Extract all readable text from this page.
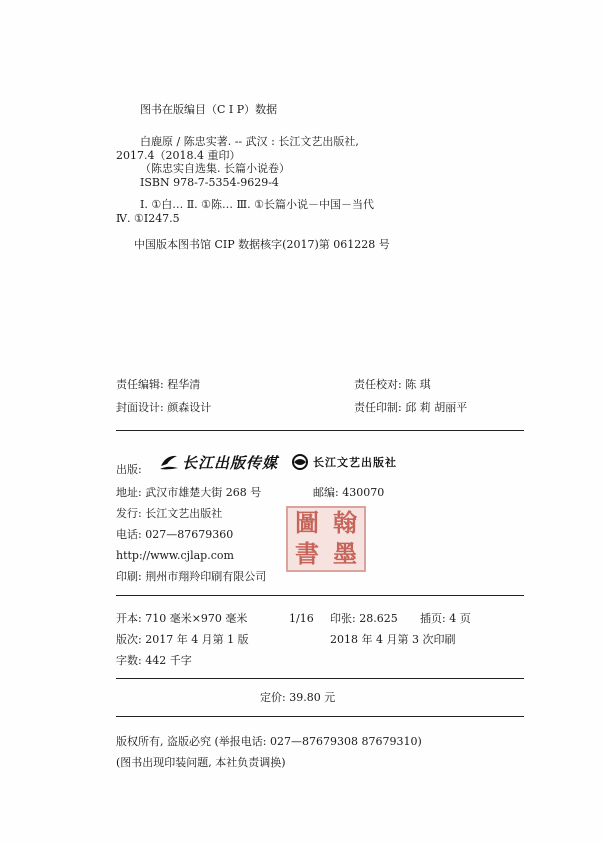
图书在版编目（C I P）数据
白鹿原 / 陈忠实著. -- 武汉 : 长江文艺出版社,
2017.4（2018.4 重印）
（陈忠实自选集. 长篇小说卷）
ISBN 978-7-5354-9629-4
Ⅰ. ①白… Ⅱ. ①陈… Ⅲ. ①长篇小说－中国－当代
Ⅳ. ①I247.5
中国版本图书馆 CIP 数据核字(2017)第 061228 号
责任编辑: 程华清	责任校对: 陈 琪
封面设计: 颜森设计	责任印制: 邱 莉 胡丽平
出版:	长江出版传媒	长江文艺出版社
地址: 武汉市雄楚大街 268 号	邮编: 430070
发行: 长江文艺出版社
电话: 027—87679360
http://www.cjlap.com
印刷: 荆州市翔羚印刷有限公司
圖 翰
書 墨
开本: 710 毫米×970 毫米	1/16 印张: 28.625 插页: 4 页
版次: 2017 年 4 月第 1 版	2018 年 4 月第 3 次印刷
字数: 442 千字
定价: 39.80 元
版权所有, 盗版必究 (举报电话: 027—87679308 87679310)
(图书出现印装问题, 本社负责调换)
